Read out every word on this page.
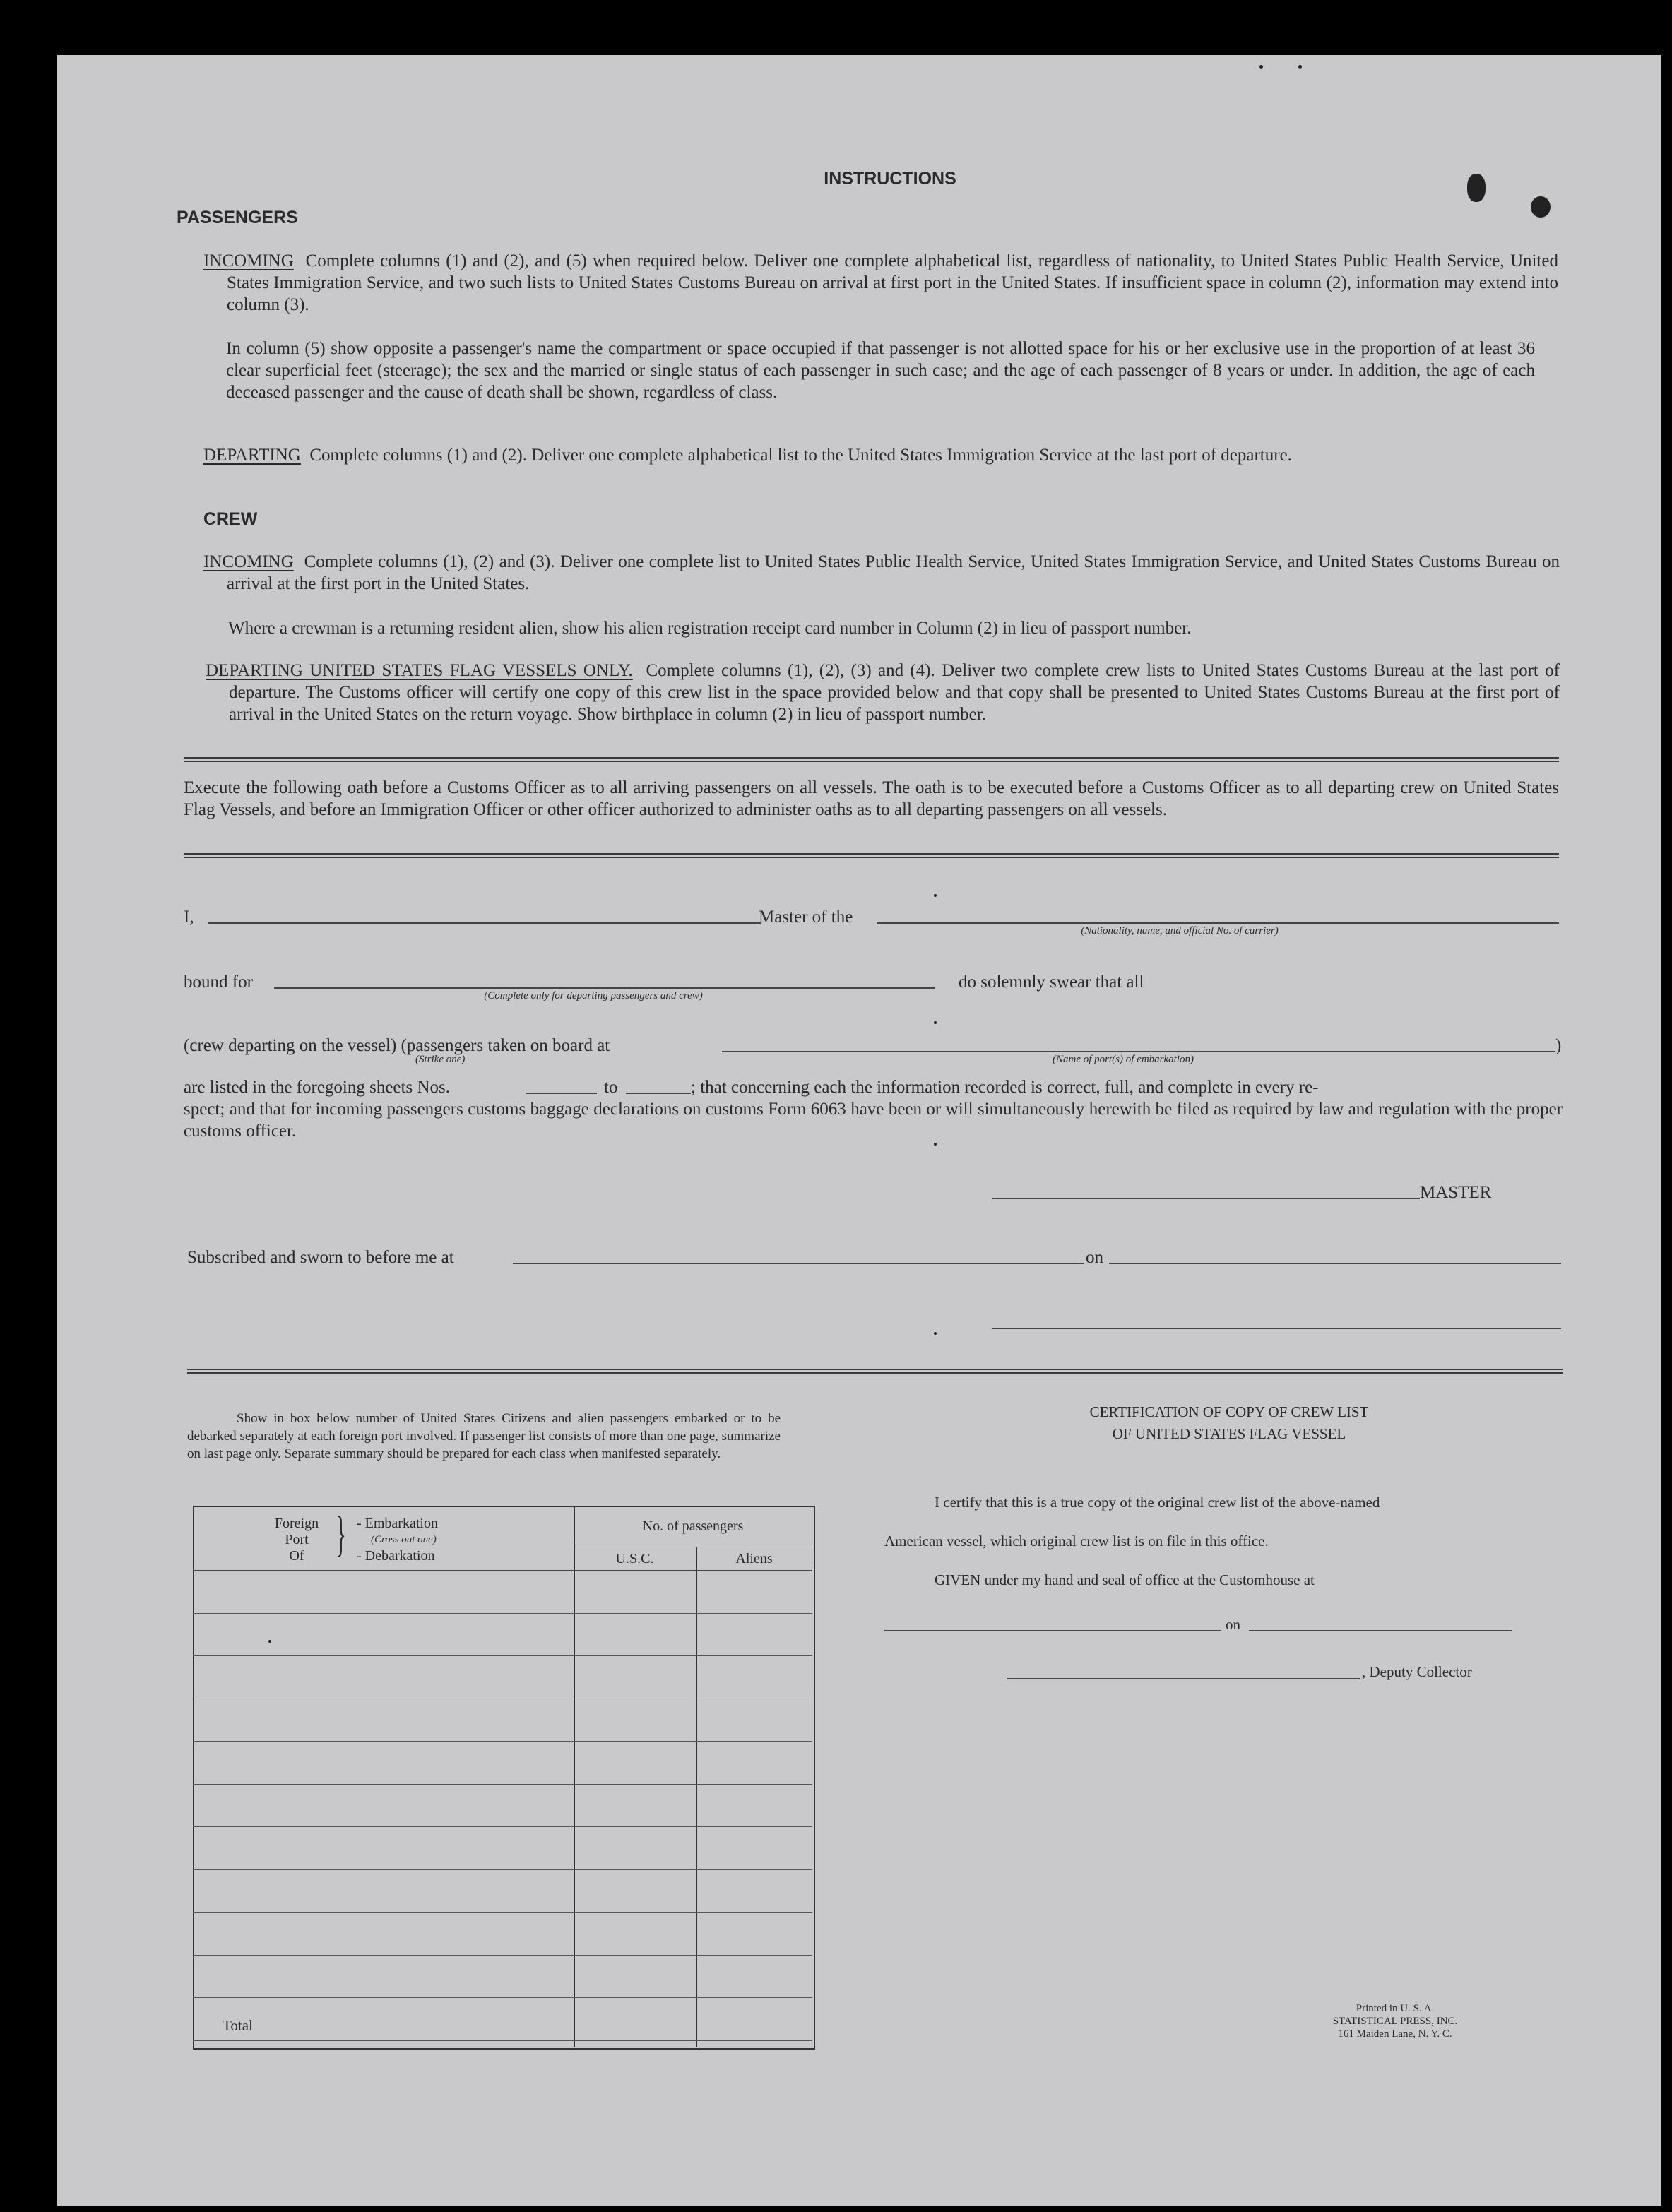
INSTRUCTIONS
PASSENGERS
INCOMING Complete columns (1) and (2), and (5) when required below. Deliver one complete alphabetical list, regardless of nationality, to United States Public Health Service, United States Immigration Service, and two such lists to United States Customs Bureau on arrival at first port in the United States. If insufficient space in column (2), information may extend into column (3).
In column (5) show opposite a passenger's name the compartment or space occupied if that passenger is not allotted space for his or her exclusive use in the proportion of at least 36 clear superficial feet (steerage); the sex and the married or single status of each passenger in such case; and the age of each passenger of 8 years or under. In addition, the age of each deceased passenger and the cause of death shall be shown, regardless of class.
DEPARTING Complete columns (1) and (2). Deliver one complete alphabetical list to the United States Immigration Service at the last port of departure.
CREW
INCOMING Complete columns (1), (2) and (3). Deliver one complete list to United States Public Health Service, United States Immigration Service, and United States Customs Bureau on arrival at the first port in the United States.
Where a crewman is a returning resident alien, show his alien registration receipt card number in Column (2) in lieu of passport number.
DEPARTING UNITED STATES FLAG VESSELS ONLY. Complete columns (1), (2), (3) and (4). Deliver two complete crew lists to United States Customs Bureau at the last port of departure. The Customs officer will certify one copy of this crew list in the space provided below and that copy shall be presented to United States Customs Bureau at the first port of arrival in the United States on the return voyage. Show birthplace in column (2) in lieu of passport number.
Execute the following oath before a Customs Officer as to all arriving passengers on all vessels. The oath is to be executed before a Customs Officer as to all departing crew on United States Flag Vessels, and before an Immigration Officer or other officer authorized to administer oaths as to all departing passengers on all vessels.
I,	Master of the
(Nationality, name, and official No. of carrier)
bound for
(Complete only for departing passengers and crew)
do solemnly swear that all
(crew departing on the vessel) (passengers taken on board at
(Strike one)
)
(Name of port(s) of embarkation)
are listed in the foregoing sheets Nos.	to	; that concerning each the information recorded is correct, full, and complete in every re-
spect; and that for incoming passengers customs baggage declarations on customs Form 6063 have been or will simultaneously herewith be filed as required by law and regulation with the proper customs officer.
MASTER
Subscribed and sworn to before me at	on
Show in box below number of United States Citizens and alien passengers embarked or to be debarked separately at each foreign port involved. If passenger list consists of more than one page, summarize on last page only. Separate summary should be prepared for each class when manifested separately.
Foreign
Port
Of } - Embarkation
(Cross out one)
- Debarkation
No. of passengers
U.S.C.	Aliens
Total
CERTIFICATION OF COPY OF CREW LIST
OF UNITED STATES FLAG VESSEL
I certify that this is a true copy of the original crew list of the above-named
American vessel, which original crew list is on file in this office.
GIVEN under my hand and seal of office at the Customhouse at
on
, Deputy Collector
Printed in U. S. A.
STATISTICAL PRESS, INC.
161 Maiden Lane, N. Y. C.
